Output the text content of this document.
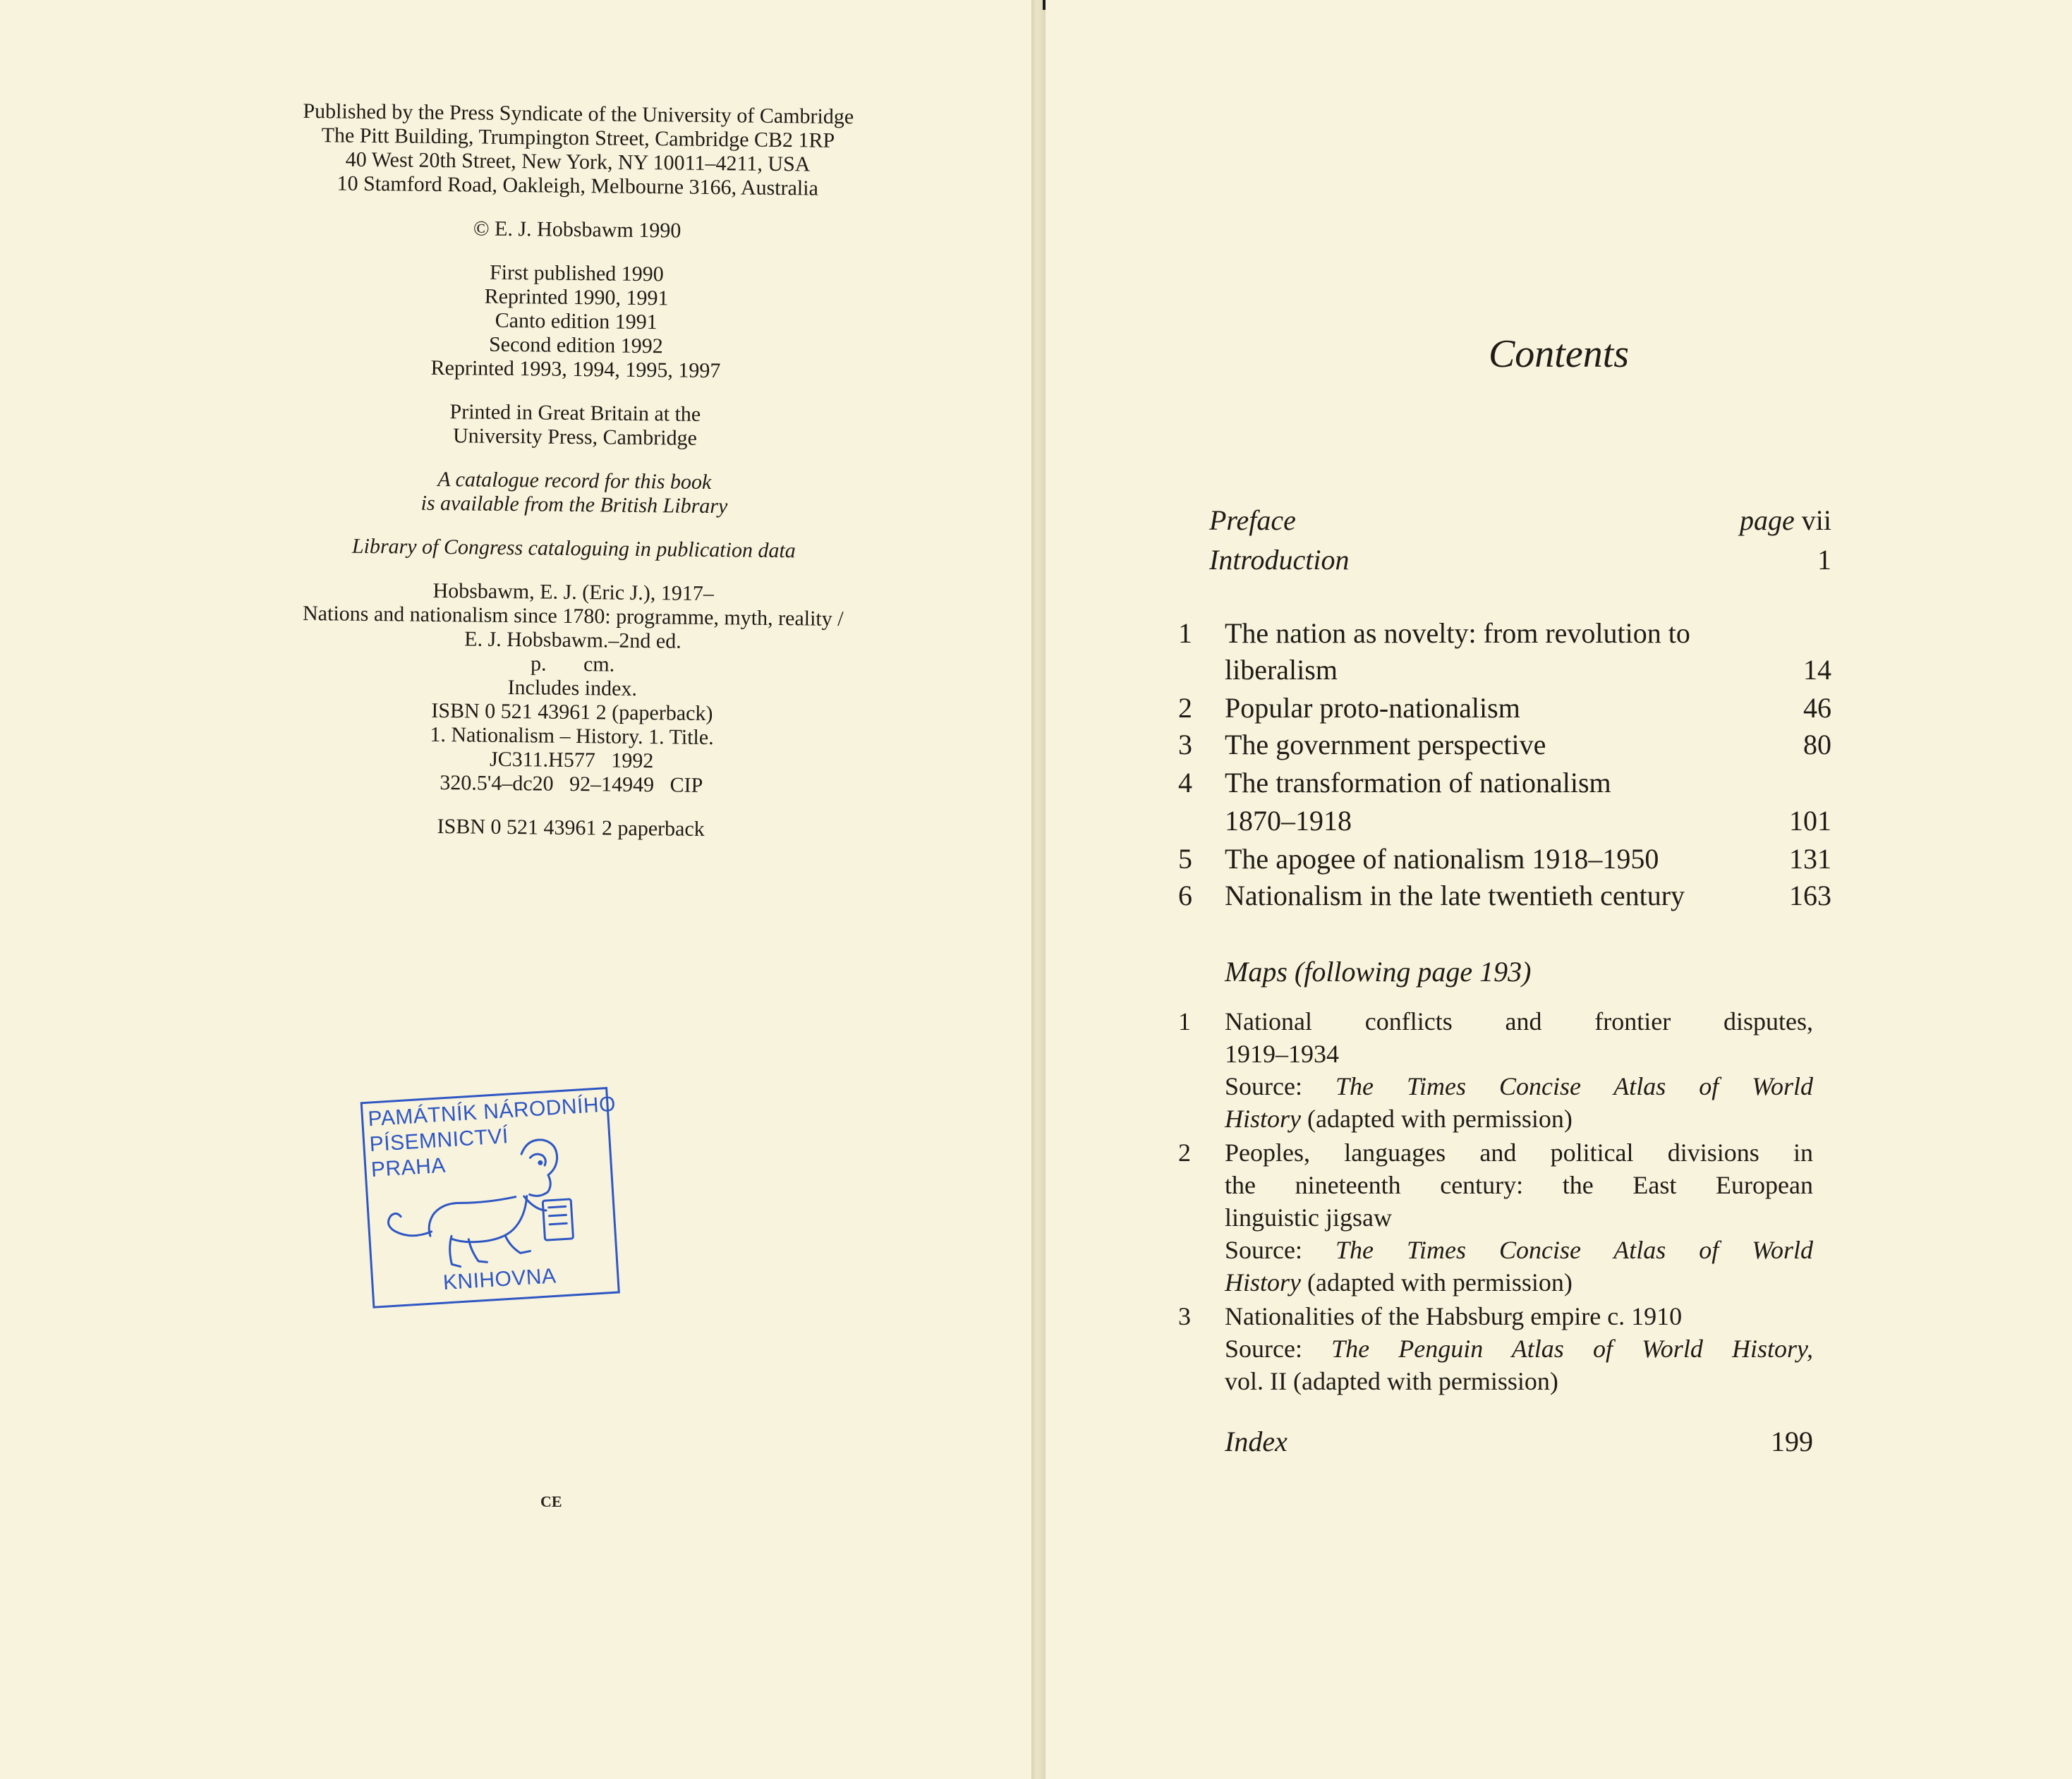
Published by the Press Syndicate of the University of Cambridge
The Pitt Building, Trumpington Street, Cambridge CB2 1RP
40 West 20th Street, New York, NY 10011–4211, USA
10 Stamford Road, Oakleigh, Melbourne 3166, Australia
© E. J. Hobsbawm 1990
First published 1990
Reprinted 1990, 1991
Canto edition 1991
Second edition 1992
Reprinted 1993, 1994, 1995, 1997
Printed in Great Britain at the
University Press, Cambridge
A catalogue record for this book
is available from the British Library
Library of Congress cataloguing in publication data
Hobsbawm, E. J. (Eric J.), 1917–
Nations and nationalism since 1780: programme, myth, reality /
E. J. Hobsbawm.–2nd ed.
p.       cm.
Includes index.
ISBN 0 521 43961 2 (paperback)
1. Nationalism – History. 1. Title.
JC311.H577   1992
320.5'4–dc20   92–14949   CIP
ISBN 0 521 43961 2 paperback
PAMÁTNÍK NÁRODNÍHO
PÍSEMNICTVÍ
PRAHA
KNIHOVNA
CE
Contents
Preface	page vii
Introduction	1
1	The nation as novelty: from revolution to
liberalism	14
2	Popular proto-nationalism	46
3	The government perspective	80
4	The transformation of nationalism
1870–1918	101
5	The apogee of nationalism 1918–1950	131
6	Nationalism in the late twentieth century	163
Maps (following page 193)
1 National conflicts and frontier disputes,
1919–1934
Source: The Times Concise Atlas of World
History (adapted with permission)
2 Peoples, languages and political divisions in
the nineteenth century: the East European
linguistic jigsaw
Source: The Times Concise Atlas of World
History (adapted with permission)
3 Nationalities of the Habsburg empire c. 1910
Source: The Penguin Atlas of World History,
vol. II (adapted with permission)
Index	199
